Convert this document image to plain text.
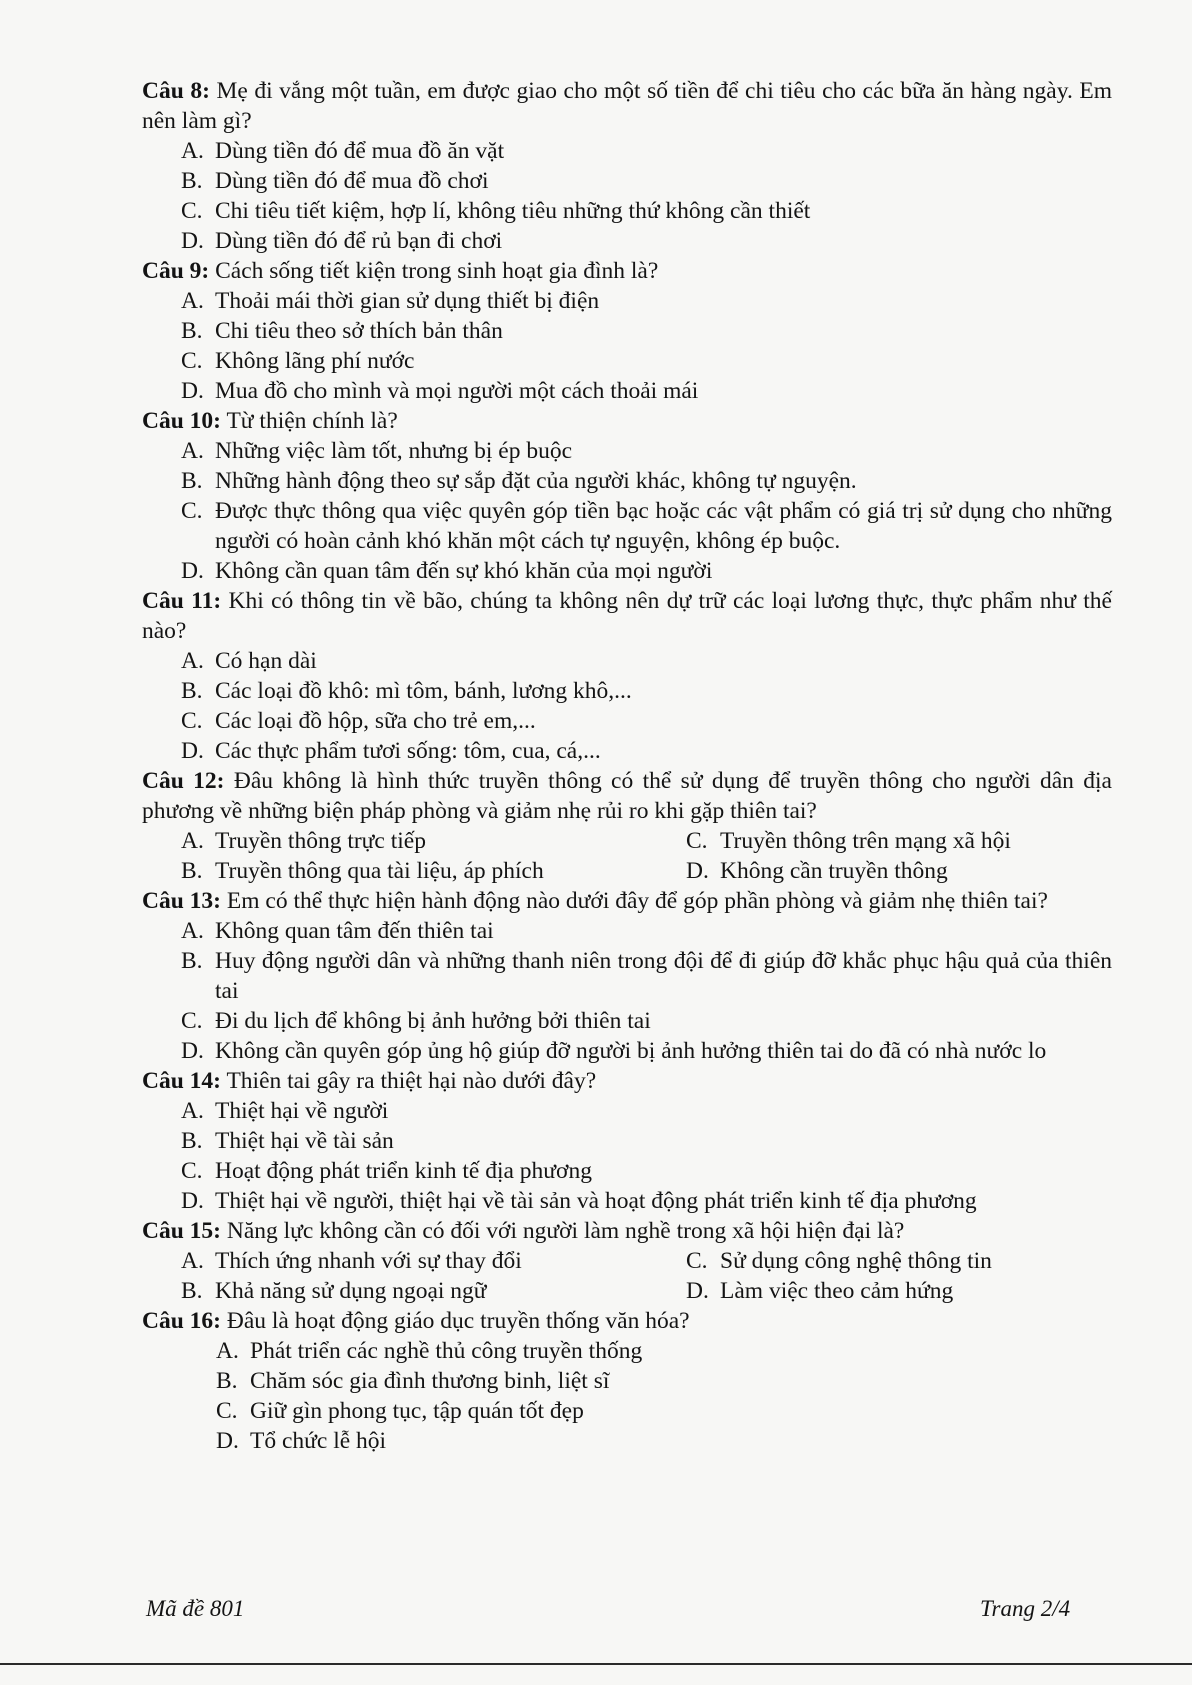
Câu 8: Mẹ đi vắng một tuần, em được giao cho một số tiền để chi tiêu cho các bữa ăn hàng ngày. Em nên làm gì?

A. Dùng tiền đó để mua đồ ăn vặt

B. Dùng tiền đó để mua đồ chơi

C. Chi tiêu tiết kiệm, hợp lí, không tiêu những thứ không cần thiết

D. Dùng tiền đó để rủ bạn đi chơi

Câu 9: Cách sống tiết kiện trong sinh hoạt gia đình là?

A. Thoải mái thời gian sử dụng thiết bị điện

B. Chi tiêu theo sở thích bản thân

C. Không lãng phí nước

D. Mua đồ cho mình và mọi người một cách thoải mái

Câu 10: Từ thiện chính là?

A. Những việc làm tốt, nhưng bị ép buộc

B. Những hành động theo sự sắp đặt của người khác, không tự nguyện.

C. Được thực thông qua việc quyên góp tiền bạc hoặc các vật phẩm có giá trị sử dụng cho những người có hoàn cảnh khó khăn một cách tự nguyện, không ép buộc.

D. Không cần quan tâm đến sự khó khăn của mọi người

Câu 11: Khi có thông tin về bão, chúng ta không nên dự trữ các loại lương thực, thực phẩm như thế nào?

A. Có hạn dài

B. Các loại đồ khô: mì tôm, bánh, lương khô,...

C. Các loại đồ hộp, sữa cho trẻ em,...

D. Các thực phẩm tươi sống: tôm, cua, cá,...

Câu 12: Đâu không là hình thức truyền thông có thể sử dụng để truyền thông cho người dân địa phương về những biện pháp phòng và giảm nhẹ rủi ro khi gặp thiên tai?

A. Truyền thông trực tiếp	C. Truyền thông trên mạng xã hội
B. Truyền thông qua tài liệu, áp phích	D. Không cần truyền thông

Câu 13: Em có thể thực hiện hành động nào dưới đây để góp phần phòng và giảm nhẹ thiên tai?

A. Không quan tâm đến thiên tai

B. Huy động người dân và những thanh niên trong đội để đi giúp đỡ khắc phục hậu quả của thiên tai

C. Đi du lịch để không bị ảnh hưởng bởi thiên tai

D. Không cần quyên góp ủng hộ giúp đỡ người bị ảnh hưởng thiên tai do đã có nhà nước lo

Câu 14: Thiên tai gây ra thiệt hại nào dưới đây?

A. Thiệt hại về người

B. Thiệt hại về tài sản

C. Hoạt động phát triển kinh tế địa phương

D. Thiệt hại về người, thiệt hại về tài sản và hoạt động phát triển kinh tế địa phương

Câu 15: Năng lực không cần có đối với người làm nghề trong xã hội hiện đại là?

A. Thích ứng nhanh với sự thay đổi	C. Sử dụng công nghệ thông tin
B. Khả năng sử dụng ngoại ngữ	D. Làm việc theo cảm hứng

Câu 16: Đâu là hoạt động giáo dục truyền thống văn hóa?

A. Phát triển các nghề thủ công truyền thống

B. Chăm sóc gia đình thương binh, liệt sĩ

C. Giữ gìn phong tục, tập quán tốt đẹp

D. Tổ chức lễ hội

Mã đề 801	Trang 2/4
